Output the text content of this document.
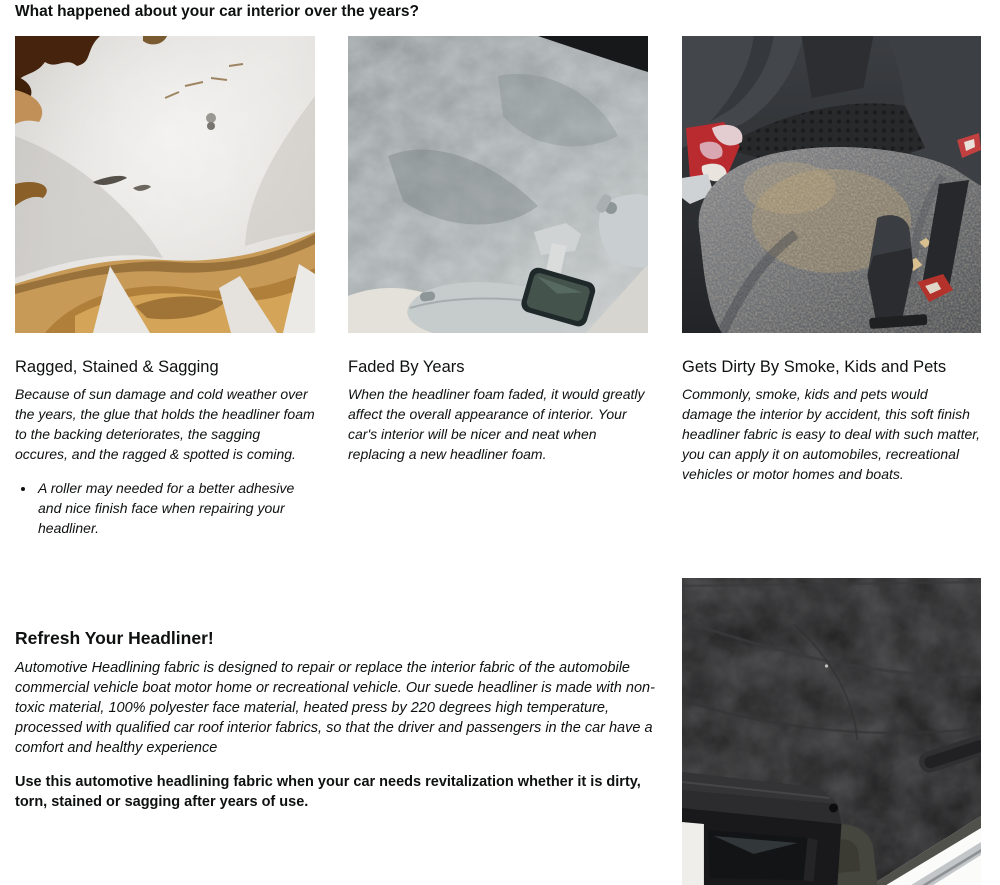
What happened about your car interior over the years?
Ragged, Stained & Sagging

Because of sun damage and cold weather over the years, the glue that holds the headliner foam to the backing deteriorates, the sagging occures, and the ragged & spotted is coming.

• A roller may needed for a better adhesive and nice finish face when repairing your headliner.
Faded By Years

When the headliner foam faded, it would greatly affect the overall appearance of interior. Your car's interior will be nicer and neat when replacing a new headliner foam.

Gets Dirty By Smoke, Kids and Pets

Commonly, smoke, kids and pets would damage the interior by accident, this soft finish headliner fabric is easy to deal with such matter, you can apply it on automobiles, recreational vehicles or motor homes and boats.

Refresh Your Headliner!

Automotive Headlining fabric is designed to repair or replace the interior fabric of the automobile commercial vehicle boat motor home or recreational vehicle. Our suede headliner is made with non-toxic material, 100% polyester face material, heated press by 220 degrees high temperature, processed with qualified car roof interior fabrics, so that the driver and passengers in the car have a comfort and healthy experience

Use this automotive headlining fabric when your car needs revitalization whether it is dirty, torn, stained or sagging after years of use.
